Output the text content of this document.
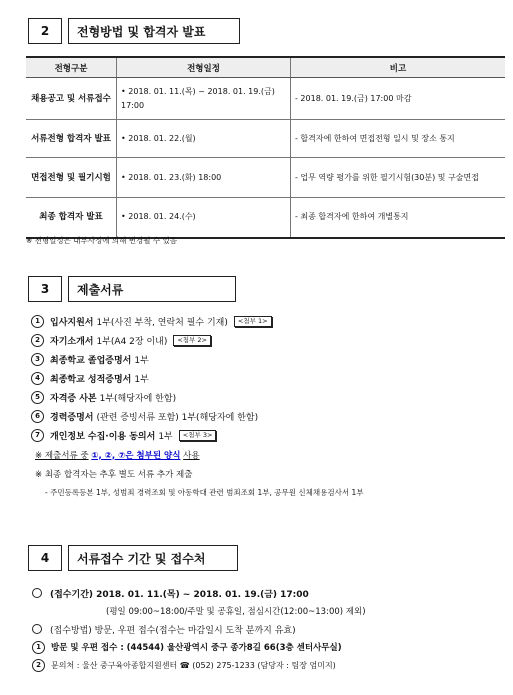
2	전형방법 및 합격자 발표
전형구분	전형일정	비고
채용공고 및 서류접수	• 2018. 01. 11.(목) ~ 2018. 01. 19.(금) 17:00	- 2018. 01. 19.(금) 17:00 마감
서류전형 합격자 발표	• 2018. 01. 22.(월)	- 합격자에 한하여 면접전형 일시 및 장소 통지
면접전형 및 필기시험	• 2018. 01. 23.(화) 18:00	- 업무 역량 평가를 위한 필기시험(30분) 및 구술면접
최종 합격자 발표	• 2018. 01. 24.(수)	- 최종 합격자에 한하여 개별통지
※ 전형일정은 내부사정에 의해 변경될 수 있음
3	제출서류
1	입사지원서 1부(사진 부착, 연락처 필수 기재)	<첨부 1>
2	자기소개서 1부(A4 2장 이내)	<첨부 2>
3	최종학교 졸업증명서 1부
4	최종학교 성적증명서 1부
5	자격증 사본 1부(해당자에 한함)
6	경력증명서 (관련 증빙서류 포함) 1부(해당자에 한함)
7	개인정보 수집·이용 동의서 1부	<첨부 3>
※ 제출서류 중
①, ②, ⑦은 첨부된 양식
사용
※ 최종 합격자는 추후 별도 서류 추가 제출
- 주민등록등본 1부, 성범죄 경력조회 및 아동학대 관련 범죄조회 1부, 공무원 신체채용검사서 1부
4	서류접수 기간 및 접수처
(접수기간) 2018. 01. 11.(목) ~ 2018. 01. 19.(금) 17:00
(평일 09:00~18:00/주말 및 공휴일, 점심시간(12:00~13:00) 제외)
(접수방법) 방문, 우편 접수(접수는 마감일시 도착 분까지 유효)
1	방문 및 우편 접수 : (44544) 울산광역시 중구 종가8길 66(3층 센터사무실)
2	문의처 : 울산 중구육아종합지원센터 ☎ (052) 275-1233 (담당자 : 팀장 엄미지)
